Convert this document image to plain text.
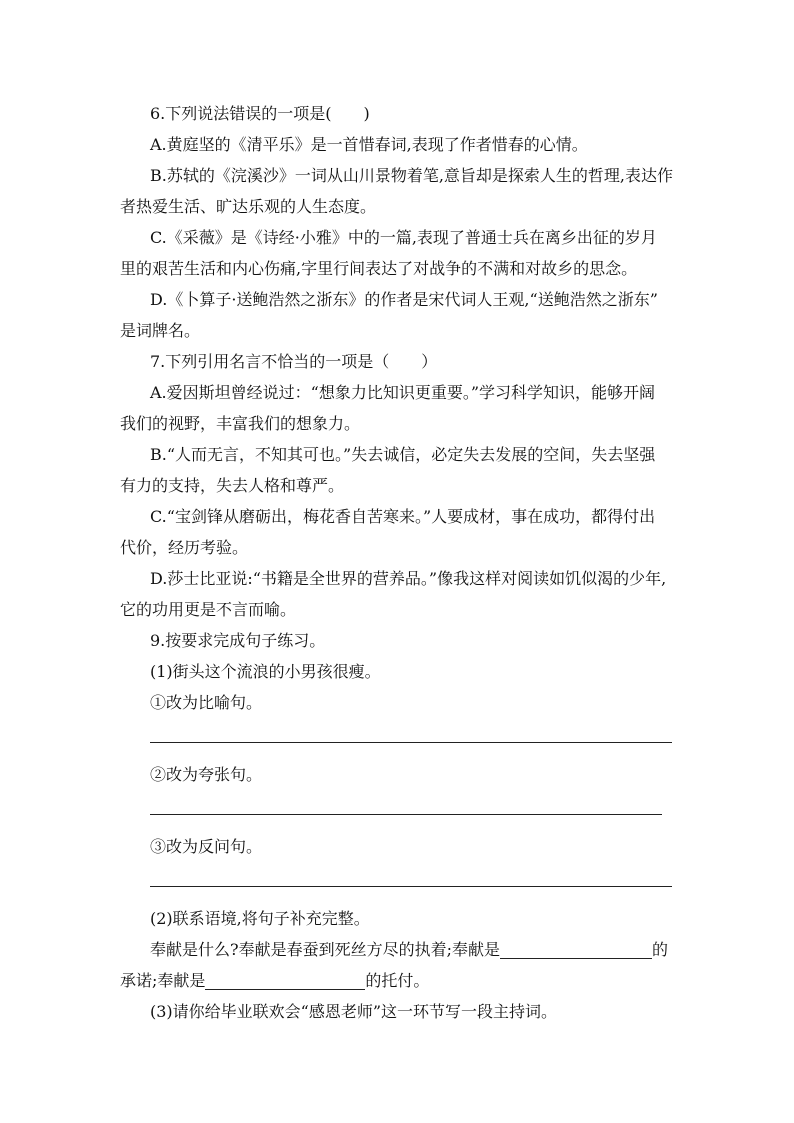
6.下列说法错误的一项是(　　)
A.黄庭坚的《清平乐》是一首惜春词,表现了作者惜春的心情。
B.苏轼的《浣溪沙》一词从山川景物着笔,意旨却是探索人生的哲理,表达作
者热爱生活、旷达乐观的人生态度。
C.《采薇》是《诗经·小雅》中的一篇,表现了普通士兵在离乡出征的岁月
里的艰苦生活和内心伤痛,字里行间表达了对战争的不满和对故乡的思念。
D.《卜算子·送鲍浩然之浙东》的作者是宋代词人王观,“送鲍浩然之浙东”
是词牌名。
7.下列引用名言不恰当的一项是（　　）
A.爱因斯坦曾经说过：“想象力比知识更重要。”学习科学知识，能够开阔
我们的视野，丰富我们的想象力。
B.“人而无言，不知其可也。”失去诚信，必定失去发展的空间，失去坚强
有力的支持，失去人格和尊严。
C.“宝剑锋从磨砺出，梅花香自苦寒来。”人要成材，事在成功，都得付出
代价，经历考验。
D.莎士比亚说:“书籍是全世界的营养品。”像我这样对阅读如饥似渴的少年,
它的功用更是不言而喻。
9.按要求完成句子练习。
(1)街头这个流浪的小男孩很瘦。
①改为比喻句。
②改为夸张句。
③改为反问句。
(2)联系语境,将句子补充完整。
奉献是什么?奉献是春蚕到死丝方尽的执着;奉献是	的
承诺;奉献是	的托付。
(3)请你给毕业联欢会“感恩老师”这一环节写一段主持词。
